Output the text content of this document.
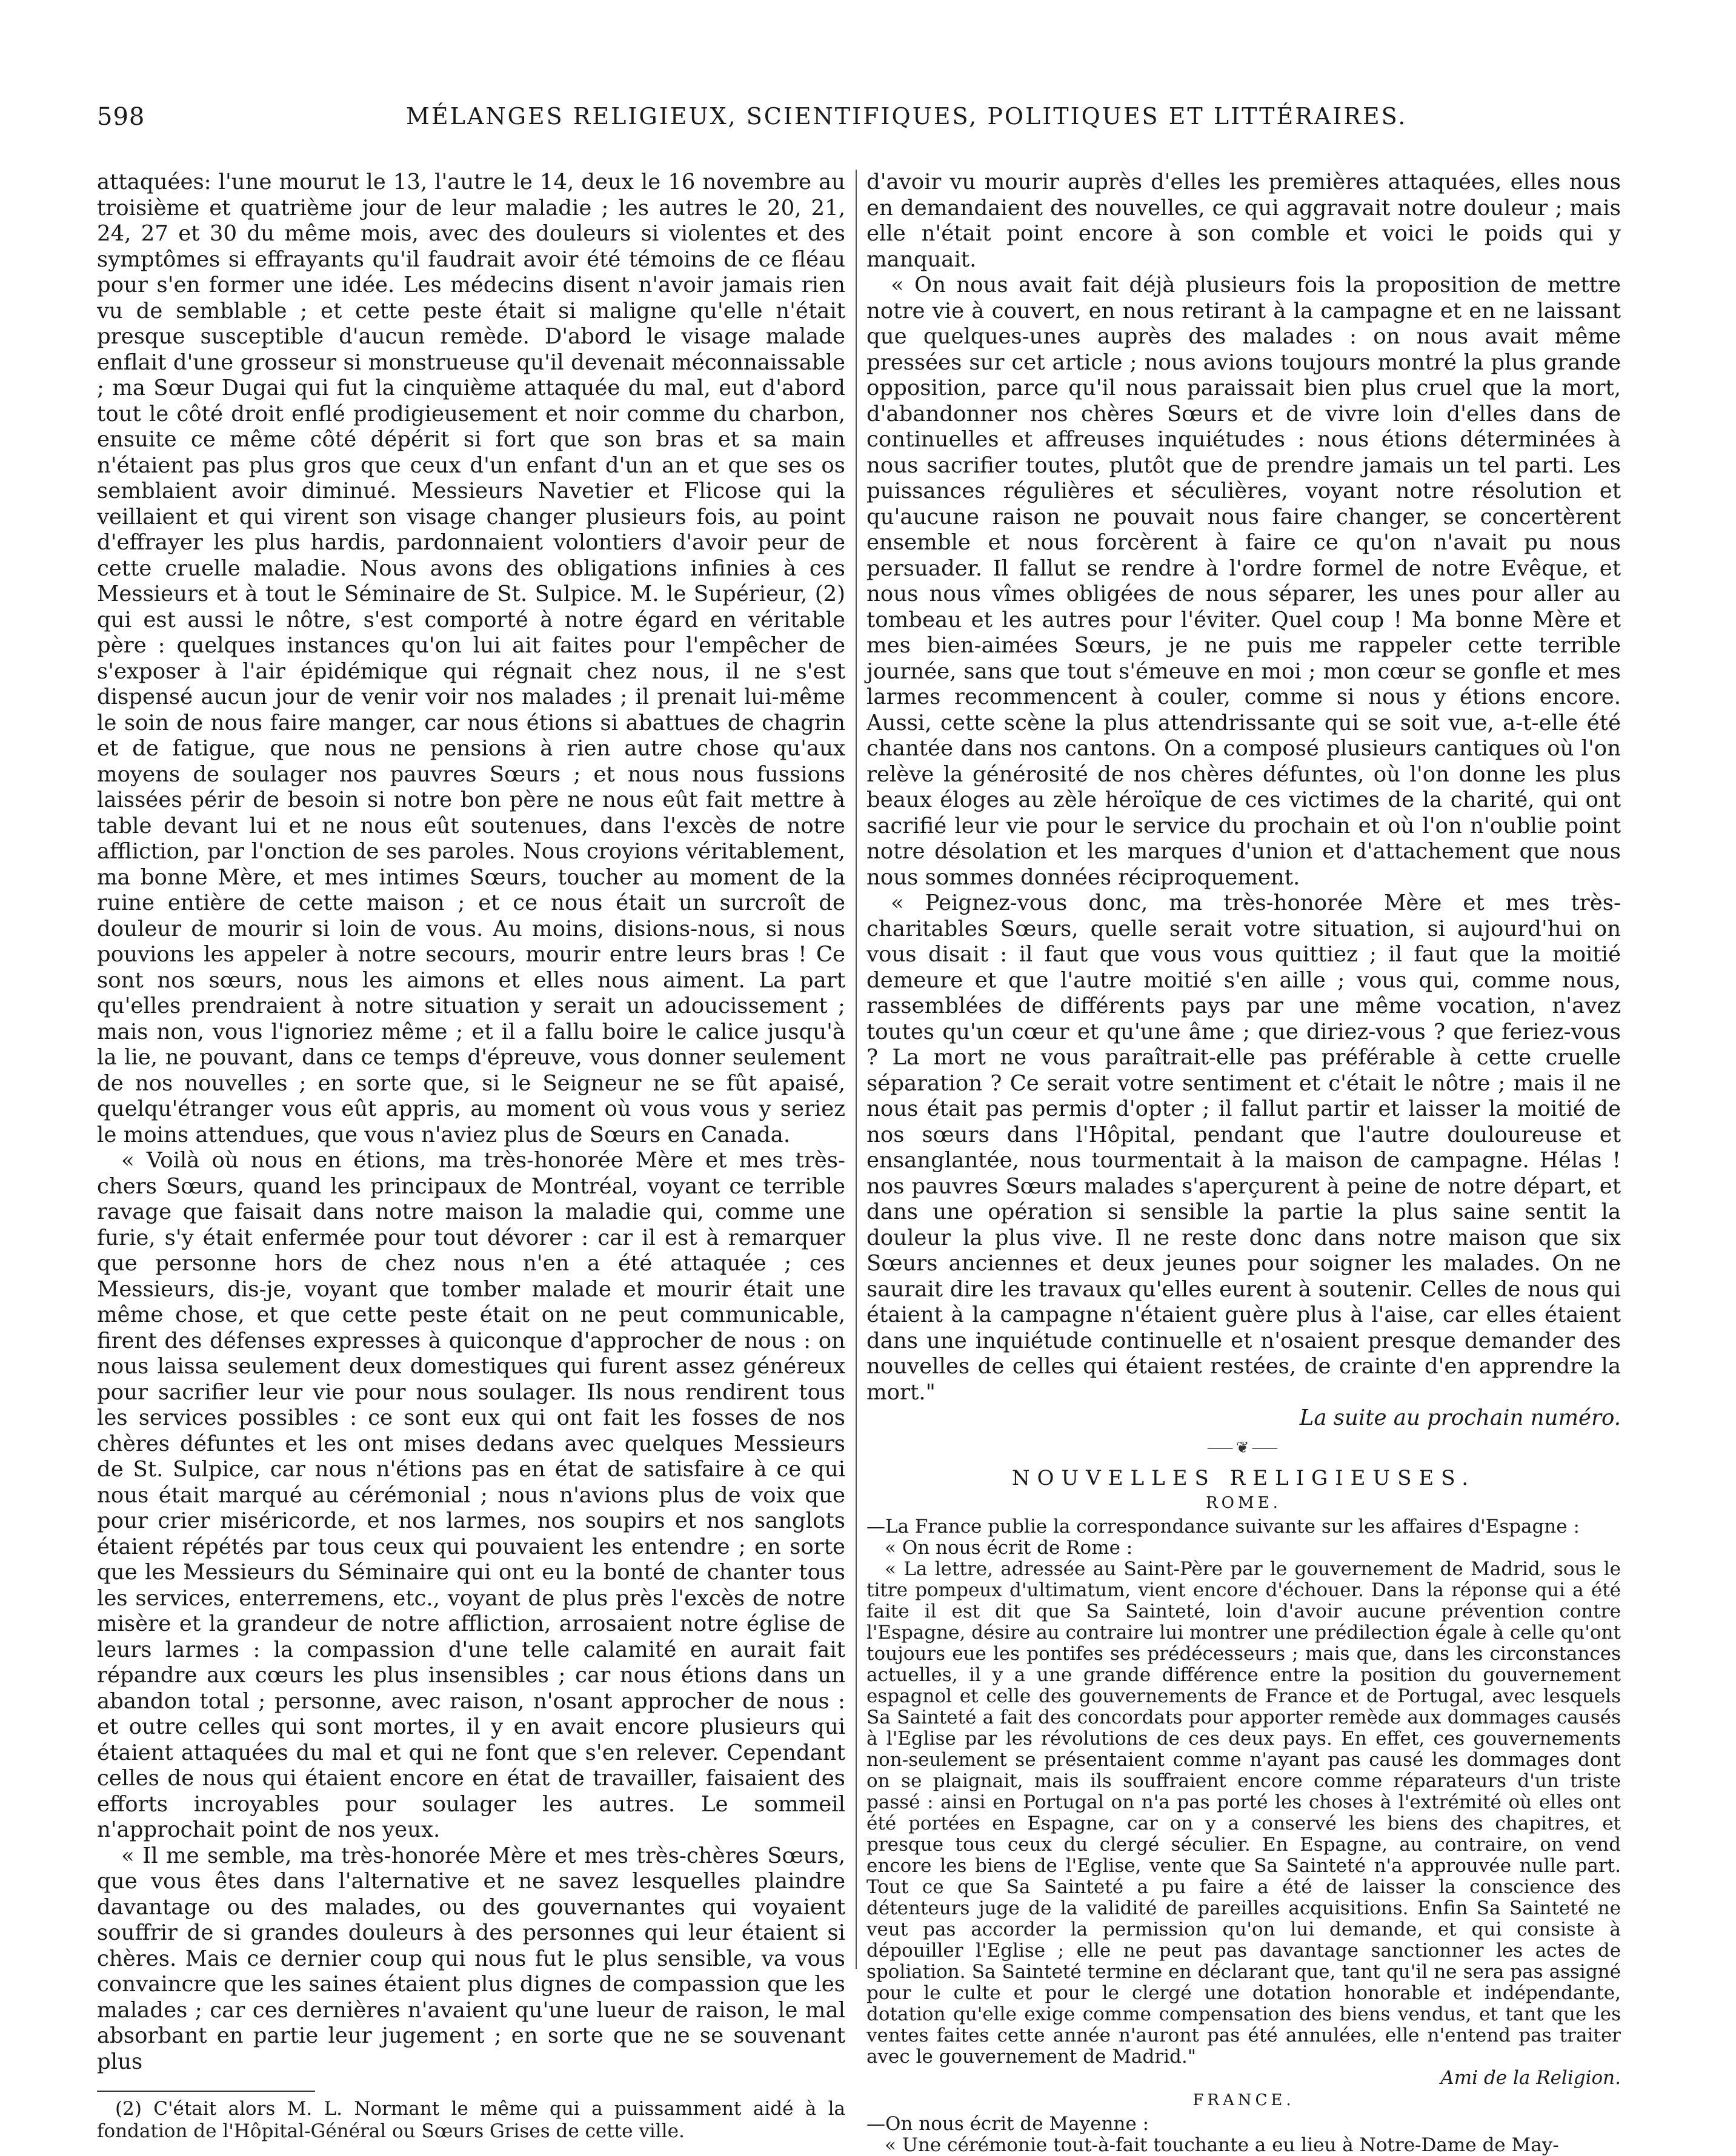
598	MÉLANGES RELIGIEUX, SCIENTIFIQUES, POLITIQUES ET LITTÉRAIRES.

attaquées: l'une mourut le 13, l'autre le 14, deux le 16 novembre au troisième et quatrième jour de leur maladie ; les autres le 20, 21, 24, 27 et 30 du même mois, avec des douleurs si violentes et des symptômes si effrayants qu'il faudrait avoir été témoins de ce fléau pour s'en former une idée. Les médecins disent n'avoir jamais rien vu de semblable ; et cette peste était si maligne qu'elle n'était presque susceptible d'aucun remède. D'abord le visage malade enflait d'une grosseur si monstrueuse qu'il devenait méconnaissable ; ma Sœur Dugai qui fut la cinquième attaquée du mal, eut d'abord tout le côté droit enflé prodigieusement et noir comme du charbon, ensuite ce même côté dépérit si fort que son bras et sa main n'étaient pas plus gros que ceux d'un enfant d'un an et que ses os semblaient avoir diminué. Messieurs Navetier et Flicose qui la veillaient et qui virent son visage changer plusieurs fois, au point d'effrayer les plus hardis, pardonnaient volontiers d'avoir peur de cette cruelle maladie. Nous avons des obligations infinies à ces Messieurs et à tout le Séminaire de St. Sulpice. M. le Supérieur, (2) qui est aussi le nôtre, s'est comporté à notre égard en véritable père : quelques instances qu'on lui ait faites pour l'empêcher de s'exposer à l'air épidémique qui régnait chez nous, il ne s'est dispensé aucun jour de venir voir nos malades ; il prenait lui-même le soin de nous faire manger, car nous étions si abattues de chagrin et de fatigue, que nous ne pensions à rien autre chose qu'aux moyens de soulager nos pauvres Sœurs ; et nous nous fussions laissées périr de besoin si notre bon père ne nous eût fait mettre à table devant lui et ne nous eût soutenues, dans l'excès de notre affliction, par l'onction de ses paroles. Nous croyions véritablement, ma bonne Mère, et mes intimes Sœurs, toucher au moment de la ruine entière de cette maison ; et ce nous était un surcroît de douleur de mourir si loin de vous. Au moins, disions-nous, si nous pouvions les appeler à notre secours, mourir entre leurs bras ! Ce sont nos sœurs, nous les aimons et elles nous aiment. La part qu'elles prendraient à notre situation y serait un adoucissement ; mais non, vous l'ignoriez même ; et il a fallu boire le calice jusqu'à la lie, ne pouvant, dans ce temps d'épreuve, vous donner seulement de nos nouvelles ; en sorte que, si le Seigneur ne se fût apaisé, quelqu'étranger vous eût appris, au moment où vous vous y seriez le moins attendues, que vous n'aviez plus de Sœurs en Canada.

« Voilà où nous en étions, ma très-honorée Mère et mes très-chers Sœurs, quand les principaux de Montréal, voyant ce terrible ravage que faisait dans notre maison la maladie qui, comme une furie, s'y était enfermée pour tout dévorer : car il est à remarquer que personne hors de chez nous n'en a été attaquée ; ces Messieurs, dis-je, voyant que tomber malade et mourir était une même chose, et que cette peste était on ne peut communicable, firent des défenses expresses à quiconque d'approcher de nous : on nous laissa seulement deux domestiques qui furent assez généreux pour sacrifier leur vie pour nous soulager. Ils nous rendirent tous les services possibles : ce sont eux qui ont fait les fosses de nos chères défuntes et les ont mises dedans avec quelques Messieurs de St. Sulpice, car nous n'étions pas en état de satisfaire à ce qui nous était marqué au cérémonial ; nous n'avions plus de voix que pour crier miséricorde, et nos larmes, nos soupirs et nos sanglots étaient répétés par tous ceux qui pouvaient les entendre ; en sorte que les Messieurs du Séminaire qui ont eu la bonté de chanter tous les services, enterremens, etc., voyant de plus près l'excès de notre misère et la grandeur de notre affliction, arrosaient notre église de leurs larmes : la compassion d'une telle calamité en aurait fait répandre aux cœurs les plus insensibles ; car nous étions dans un abandon total ; personne, avec raison, n'osant approcher de nous : et outre celles qui sont mortes, il y en avait encore plusieurs qui étaient attaquées du mal et qui ne font que s'en relever. Cependant celles de nous qui étaient encore en état de travailler, faisaient des efforts incroyables pour soulager les autres. Le sommeil n'approchait point de nos yeux.

« Il me semble, ma très-honorée Mère et mes très-chères Sœurs, que vous êtes dans l'alternative et ne savez lesquelles plaindre davantage ou des malades, ou des gouvernantes qui voyaient souffrir de si grandes douleurs à des personnes qui leur étaient si chères. Mais ce dernier coup qui nous fut le plus sensible, va vous convaincre que les saines étaient plus dignes de compassion que les malades ; car ces dernières n'avaient qu'une lueur de raison, le mal absorbant en partie leur jugement ; en sorte que ne se souvenant plus

(2) C'était alors M. L. Normant le même qui a puissamment aidé à la fondation de l'Hôpital-Général ou Sœurs Grises de cette ville.

d'avoir vu mourir auprès d'elles les premières attaquées, elles nous en demandaient des nouvelles, ce qui aggravait notre douleur ; mais elle n'était point encore à son comble et voici le poids qui y manquait.

« On nous avait fait déjà plusieurs fois la proposition de mettre notre vie à couvert, en nous retirant à la campagne et en ne laissant que quelques-unes auprès des malades : on nous avait même pressées sur cet article ; nous avions toujours montré la plus grande opposition, parce qu'il nous paraissait bien plus cruel que la mort, d'abandonner nos chères Sœurs et de vivre loin d'elles dans de continuelles et affreuses inquiétudes : nous étions déterminées à nous sacrifier toutes, plutôt que de prendre jamais un tel parti. Les puissances régulières et séculières, voyant notre résolution et qu'aucune raison ne pouvait nous faire changer, se concertèrent ensemble et nous forcèrent à faire ce qu'on n'avait pu nous persuader. Il fallut se rendre à l'ordre formel de notre Evêque, et nous nous vîmes obligées de nous séparer, les unes pour aller au tombeau et les autres pour l'éviter. Quel coup ! Ma bonne Mère et mes bien-aimées Sœurs, je ne puis me rappeler cette terrible journée, sans que tout s'émeuve en moi ; mon cœur se gonfle et mes larmes recommencent à couler, comme si nous y étions encore. Aussi, cette scène la plus attendrissante qui se soit vue, a-t-elle été chantée dans nos cantons. On a composé plusieurs cantiques où l'on relève la générosité de nos chères défuntes, où l'on donne les plus beaux éloges au zèle héroïque de ces victimes de la charité, qui ont sacrifié leur vie pour le service du prochain et où l'on n'oublie point notre désolation et les marques d'union et d'attachement que nous nous sommes données réciproquement.

« Peignez-vous donc, ma très-honorée Mère et mes très-charitables Sœurs, quelle serait votre situation, si aujourd'hui on vous disait : il faut que vous vous quittiez ; il faut que la moitié demeure et que l'autre moitié s'en aille ; vous qui, comme nous, rassemblées de différents pays par une même vocation, n'avez toutes qu'un cœur et qu'une âme ; que diriez-vous ? que feriez-vous ? La mort ne vous paraîtrait-elle pas préférable à cette cruelle séparation ? Ce serait votre sentiment et c'était le nôtre ; mais il ne nous était pas permis d'opter ; il fallut partir et laisser la moitié de nos sœurs dans l'Hôpital, pendant que l'autre douloureuse et ensanglantée, nous tourmentait à la maison de campagne. Hélas ! nos pauvres Sœurs malades s'aperçurent à peine de notre départ, et dans une opération si sensible la partie la plus saine sentit la douleur la plus vive. Il ne reste donc dans notre maison que six Sœurs anciennes et deux jeunes pour soigner les malades. On ne saurait dire les travaux qu'elles eurent à soutenir. Celles de nous qui étaient à la campagne n'étaient guère plus à l'aise, car elles étaient dans une inquiétude continuelle et n'osaient presque demander des nouvelles de celles qui étaient restées, de crainte d'en apprendre la mort."

La suite au prochain numéro.
⸺❦⸺
NOUVELLES RELIGIEUSES.
ROME.

—La France publie la correspondance suivante sur les affaires d'Espagne :

« On nous écrit de Rome :

« La lettre, adressée au Saint-Père par le gouvernement de Madrid, sous le titre pompeux d'ultimatum, vient encore d'échouer. Dans la réponse qui a été faite il est dit que Sa Sainteté, loin d'avoir aucune prévention contre l'Espagne, désire au contraire lui montrer une prédilection égale à celle qu'ont toujours eue les pontifes ses prédécesseurs ; mais que, dans les circonstances actuelles, il y a une grande différence entre la position du gouvernement espagnol et celle des gouvernements de France et de Portugal, avec lesquels Sa Sainteté a fait des concordats pour apporter remède aux dommages causés à l'Eglise par les révolutions de ces deux pays. En effet, ces gouvernements non-seulement se présentaient comme n'ayant pas causé les dommages dont on se plaignait, mais ils souffraient encore comme réparateurs d'un triste passé : ainsi en Portugal on n'a pas porté les choses à l'extrémité où elles ont été portées en Espagne, car on y a conservé les biens des chapitres, et presque tous ceux du clergé séculier. En Espagne, au contraire, on vend encore les biens de l'Eglise, vente que Sa Sainteté n'a approuvée nulle part. Tout ce que Sa Sainteté a pu faire a été de laisser la conscience des détenteurs juge de la validité de pareilles acquisitions. Enfin Sa Sainteté ne veut pas accorder la permission qu'on lui demande, et qui consiste à dépouiller l'Eglise ; elle ne peut pas davantage sanctionner les actes de spoliation. Sa Sainteté termine en déclarant que, tant qu'il ne sera pas assigné pour le culte et pour le clergé une dotation honorable et indépendante, dotation qu'elle exige comme compensation des biens vendus, et tant que les ventes faites cette année n'auront pas été annulées, elle n'entend pas traiter avec le gouvernement de Madrid."

Ami de la Religion.
FRANCE.

—On nous écrit de Mayenne :

« Une cérémonie tout-à-fait touchante a eu lieu à Notre-Dame de May-
